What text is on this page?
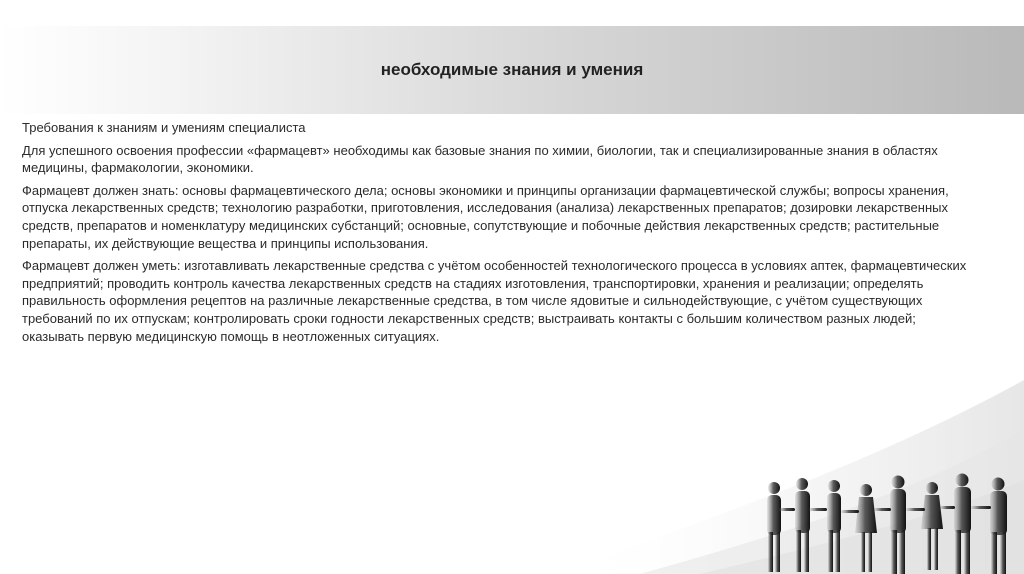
необходимые знания и умения

Требования к знаниям и умениям специалиста

Для успешного освоения профессии «фармацевт» необходимы как базовые знания по химии, биологии, так и специализированные знания в областях медицины, фармакологии, экономики.

Фармацевт должен знать: основы фармацевтического дела; основы экономики и принципы организации фармацевтической службы; вопросы хранения, отпуска лекарственных средств; технологию разработки, приготовления, исследования (анализа) лекарственных препаратов; дозировки лекарственных средств, препаратов и номенклатуру медицинских субстанций; основные, сопутствующие и побочные действия лекарственных средств; растительные препараты, их действующие вещества и принципы использования.

Фармацевт должен уметь: изготавливать лекарственные средства с учётом особенностей технологического процесса в условиях аптек, фармацевтических предприятий; проводить контроль качества лекарственных средств на стадиях изготовления, транспортировки, хранения и реализации; определять правильность оформления рецептов на различные лекарственные средства, в том числе ядовитые и сильнодействующие, с учётом существующих требований по их отпускам; контролировать сроки годности лекарственных средств; выстраивать контакты с большим количеством разных людей; оказывать первую медицинскую помощь в неотложенных ситуациях.
